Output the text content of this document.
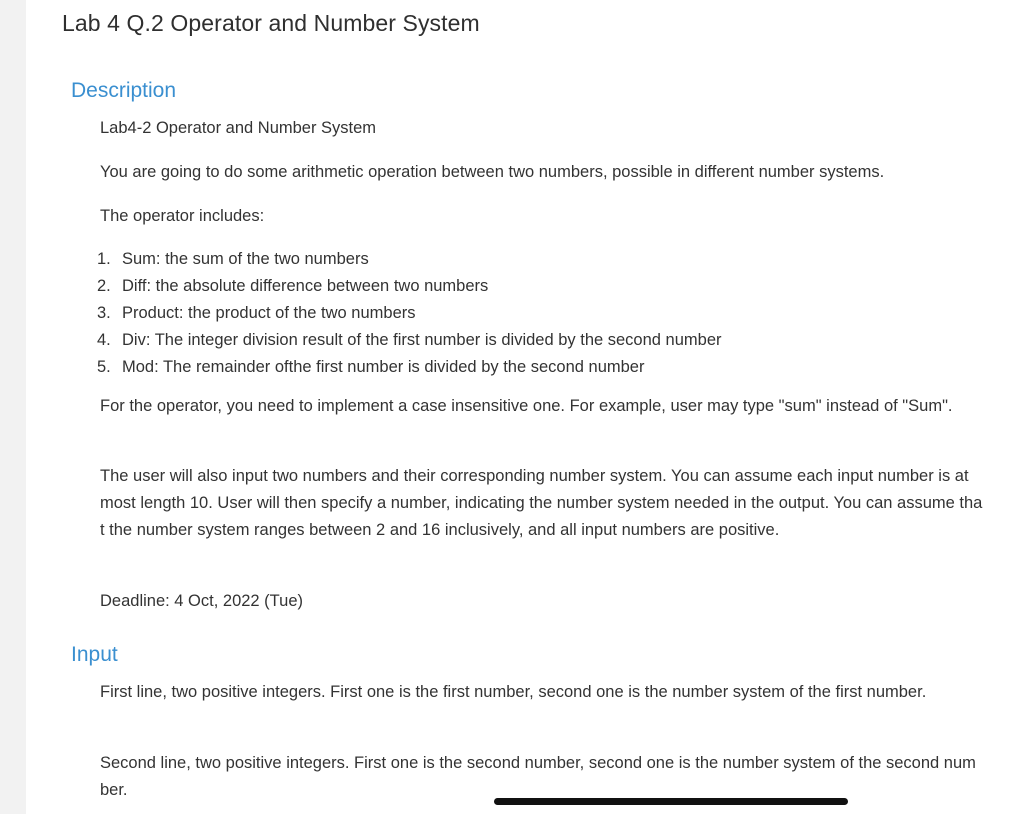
Lab 4 Q.2 Operator and Number System
Description

Lab4-2 Operator and Number System

You are going to do some arithmetic operation between two numbers, possible in different number systems.

The operator includes:

1. Sum: the sum of the two numbers
2. Diff: the absolute difference between two numbers
3. Product: the product of the two numbers
4. Div: The integer division result of the first number is divided by the second number
5. Mod: The remainder ofthe first number is divided by the second number

For the operator, you need to implement a case insensitive one. For example, user may type "sum" instead of "Sum".

The user will also input two numbers and their corresponding number system. You can assume each input number is at most length 10. User will then specify a number, indicating the number system needed in the output. You can assume that the number system ranges between 2 and 16 inclusively, and all input numbers are positive.

Deadline: 4 Oct, 2022 (Tue)

Input

First line, two positive integers. First one is the first number, second one is the number system of the first number.

Second line, two positive integers. First one is the second number, second one is the number system of the second number.
